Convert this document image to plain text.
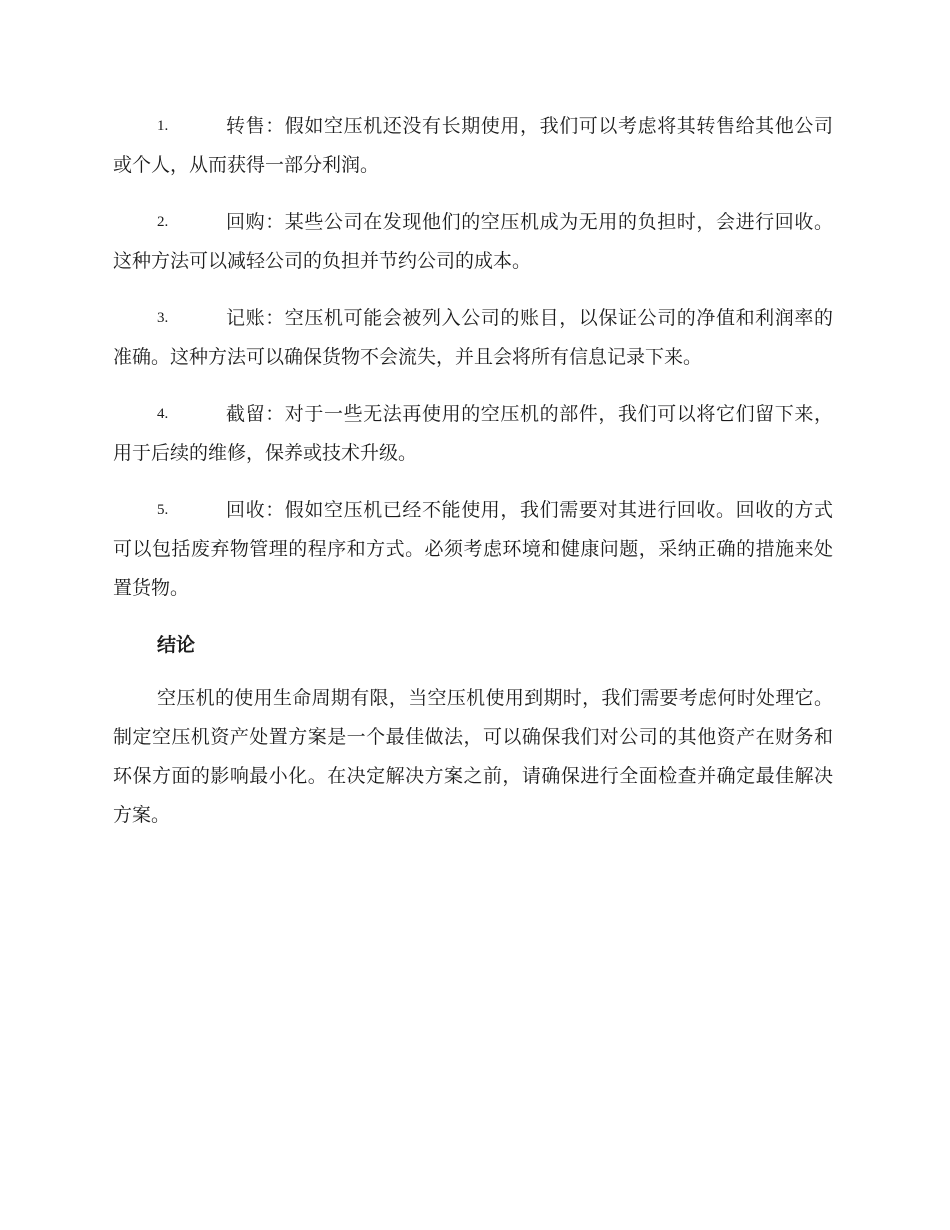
1.	转售：假如空压机还没有长期使用，我们可以考虑将其转售给其他公司或个人，从而获得一部分利润。
2.	回购：某些公司在发现他们的空压机成为无用的负担时，会进行回收。这种方法可以减轻公司的负担并节约公司的成本。
3.	记账：空压机可能会被列入公司的账目，以保证公司的净值和利润率的准确。这种方法可以确保货物不会流失，并且会将所有信息记录下来。
4.	截留：对于一些无法再使用的空压机的部件，我们可以将它们留下来，用于后续的维修，保养或技术升级。
5.	回收：假如空压机已经不能使用，我们需要对其进行回收。回收的方式可以包括废弃物管理的程序和方式。必须考虑环境和健康问题，采纳正确的措施来处置货物。
结论

空压机的使用生命周期有限，当空压机使用到期时，我们需要考虑何时处理它。制定空压机资产处置方案是一个最佳做法，可以确保我们对公司的其他资产在财务和环保方面的影响最小化。在决定解决方案之前，请确保进行全面检查并确定最佳解决方案。
